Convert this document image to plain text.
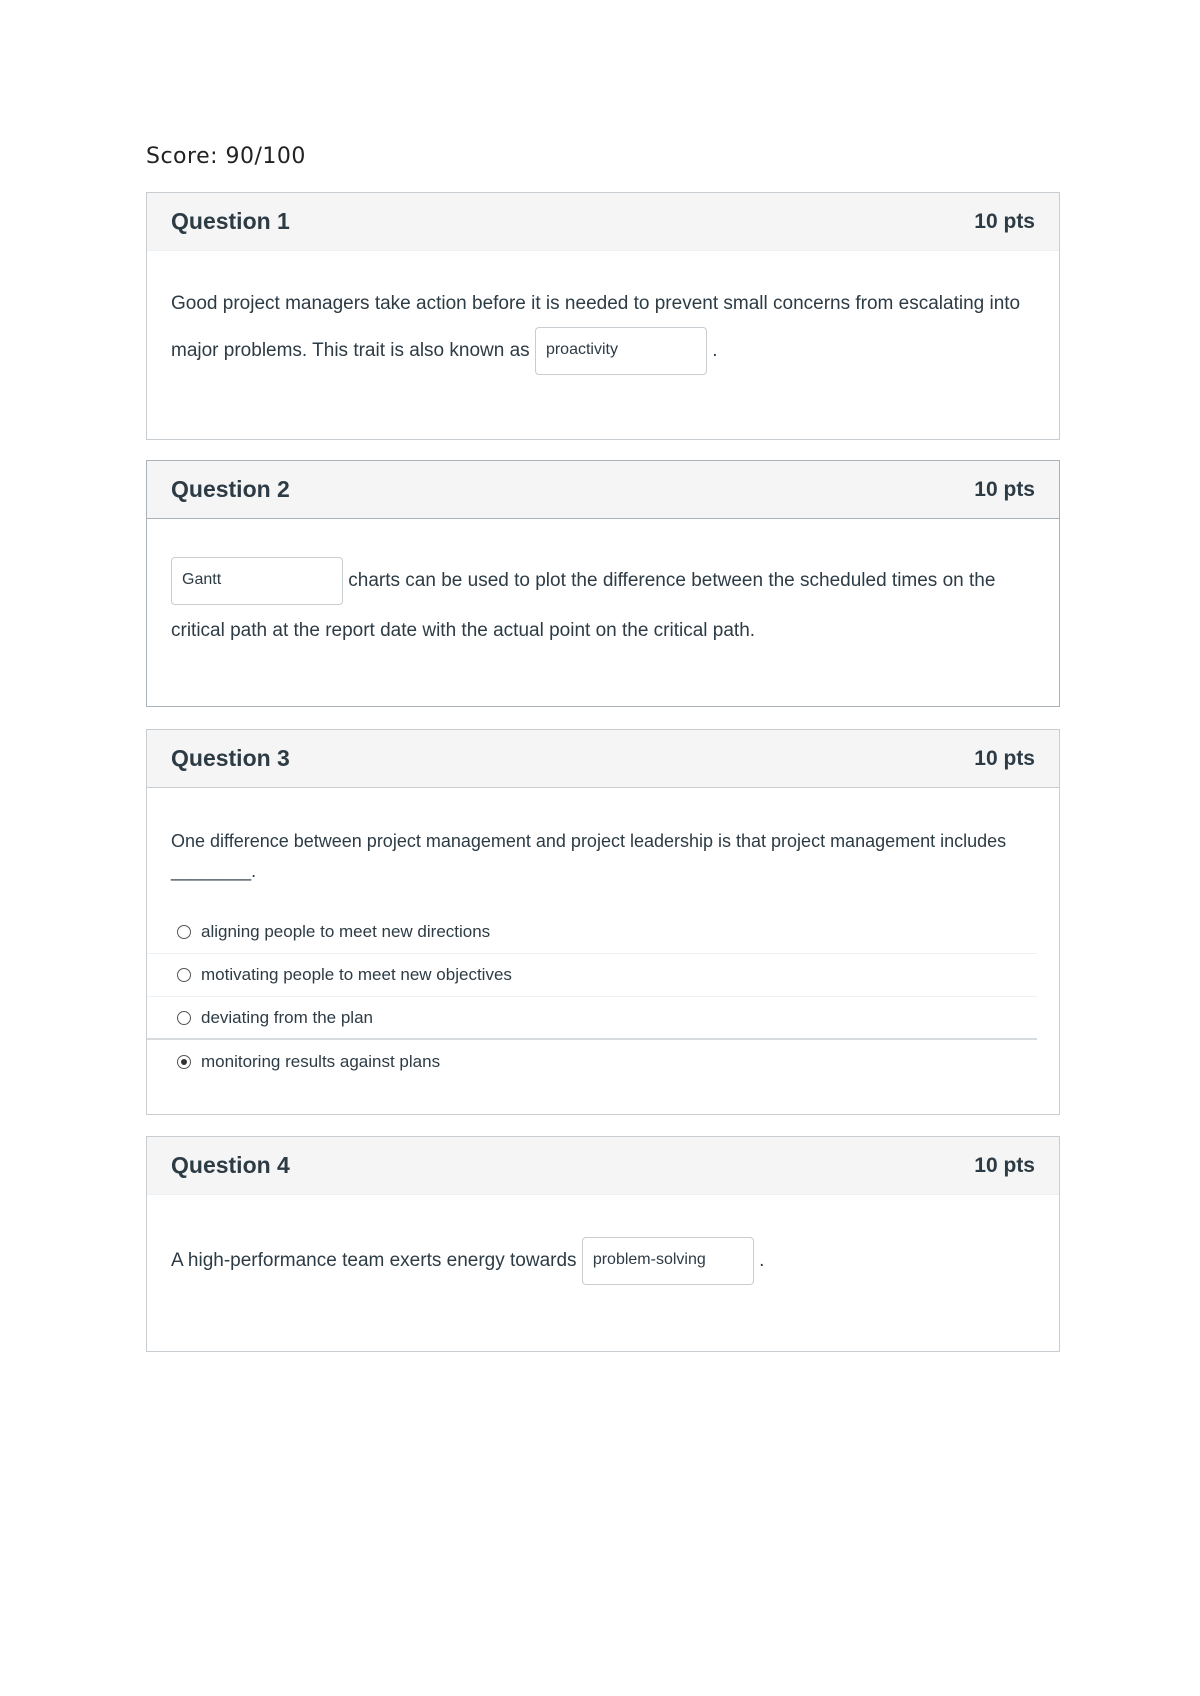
Score: 90/100
Question 1	10 pts
Good project managers take action before it is needed to prevent small concerns from escalating into major problems. This trait is also known as proactivity	.
Question 2	10 pts
Gantt	charts can be used to plot the difference between the scheduled times on the critical path at the report date with the actual point on the critical path.
Question 3	10 pts
One difference between project management and project leadership is that project management includes ________.
aligning people to meet new directions
motivating people to meet new objectives
deviating from the plan
monitoring results against plans
Question 4	10 pts
A high-performance team exerts energy towards problem-solving	.
